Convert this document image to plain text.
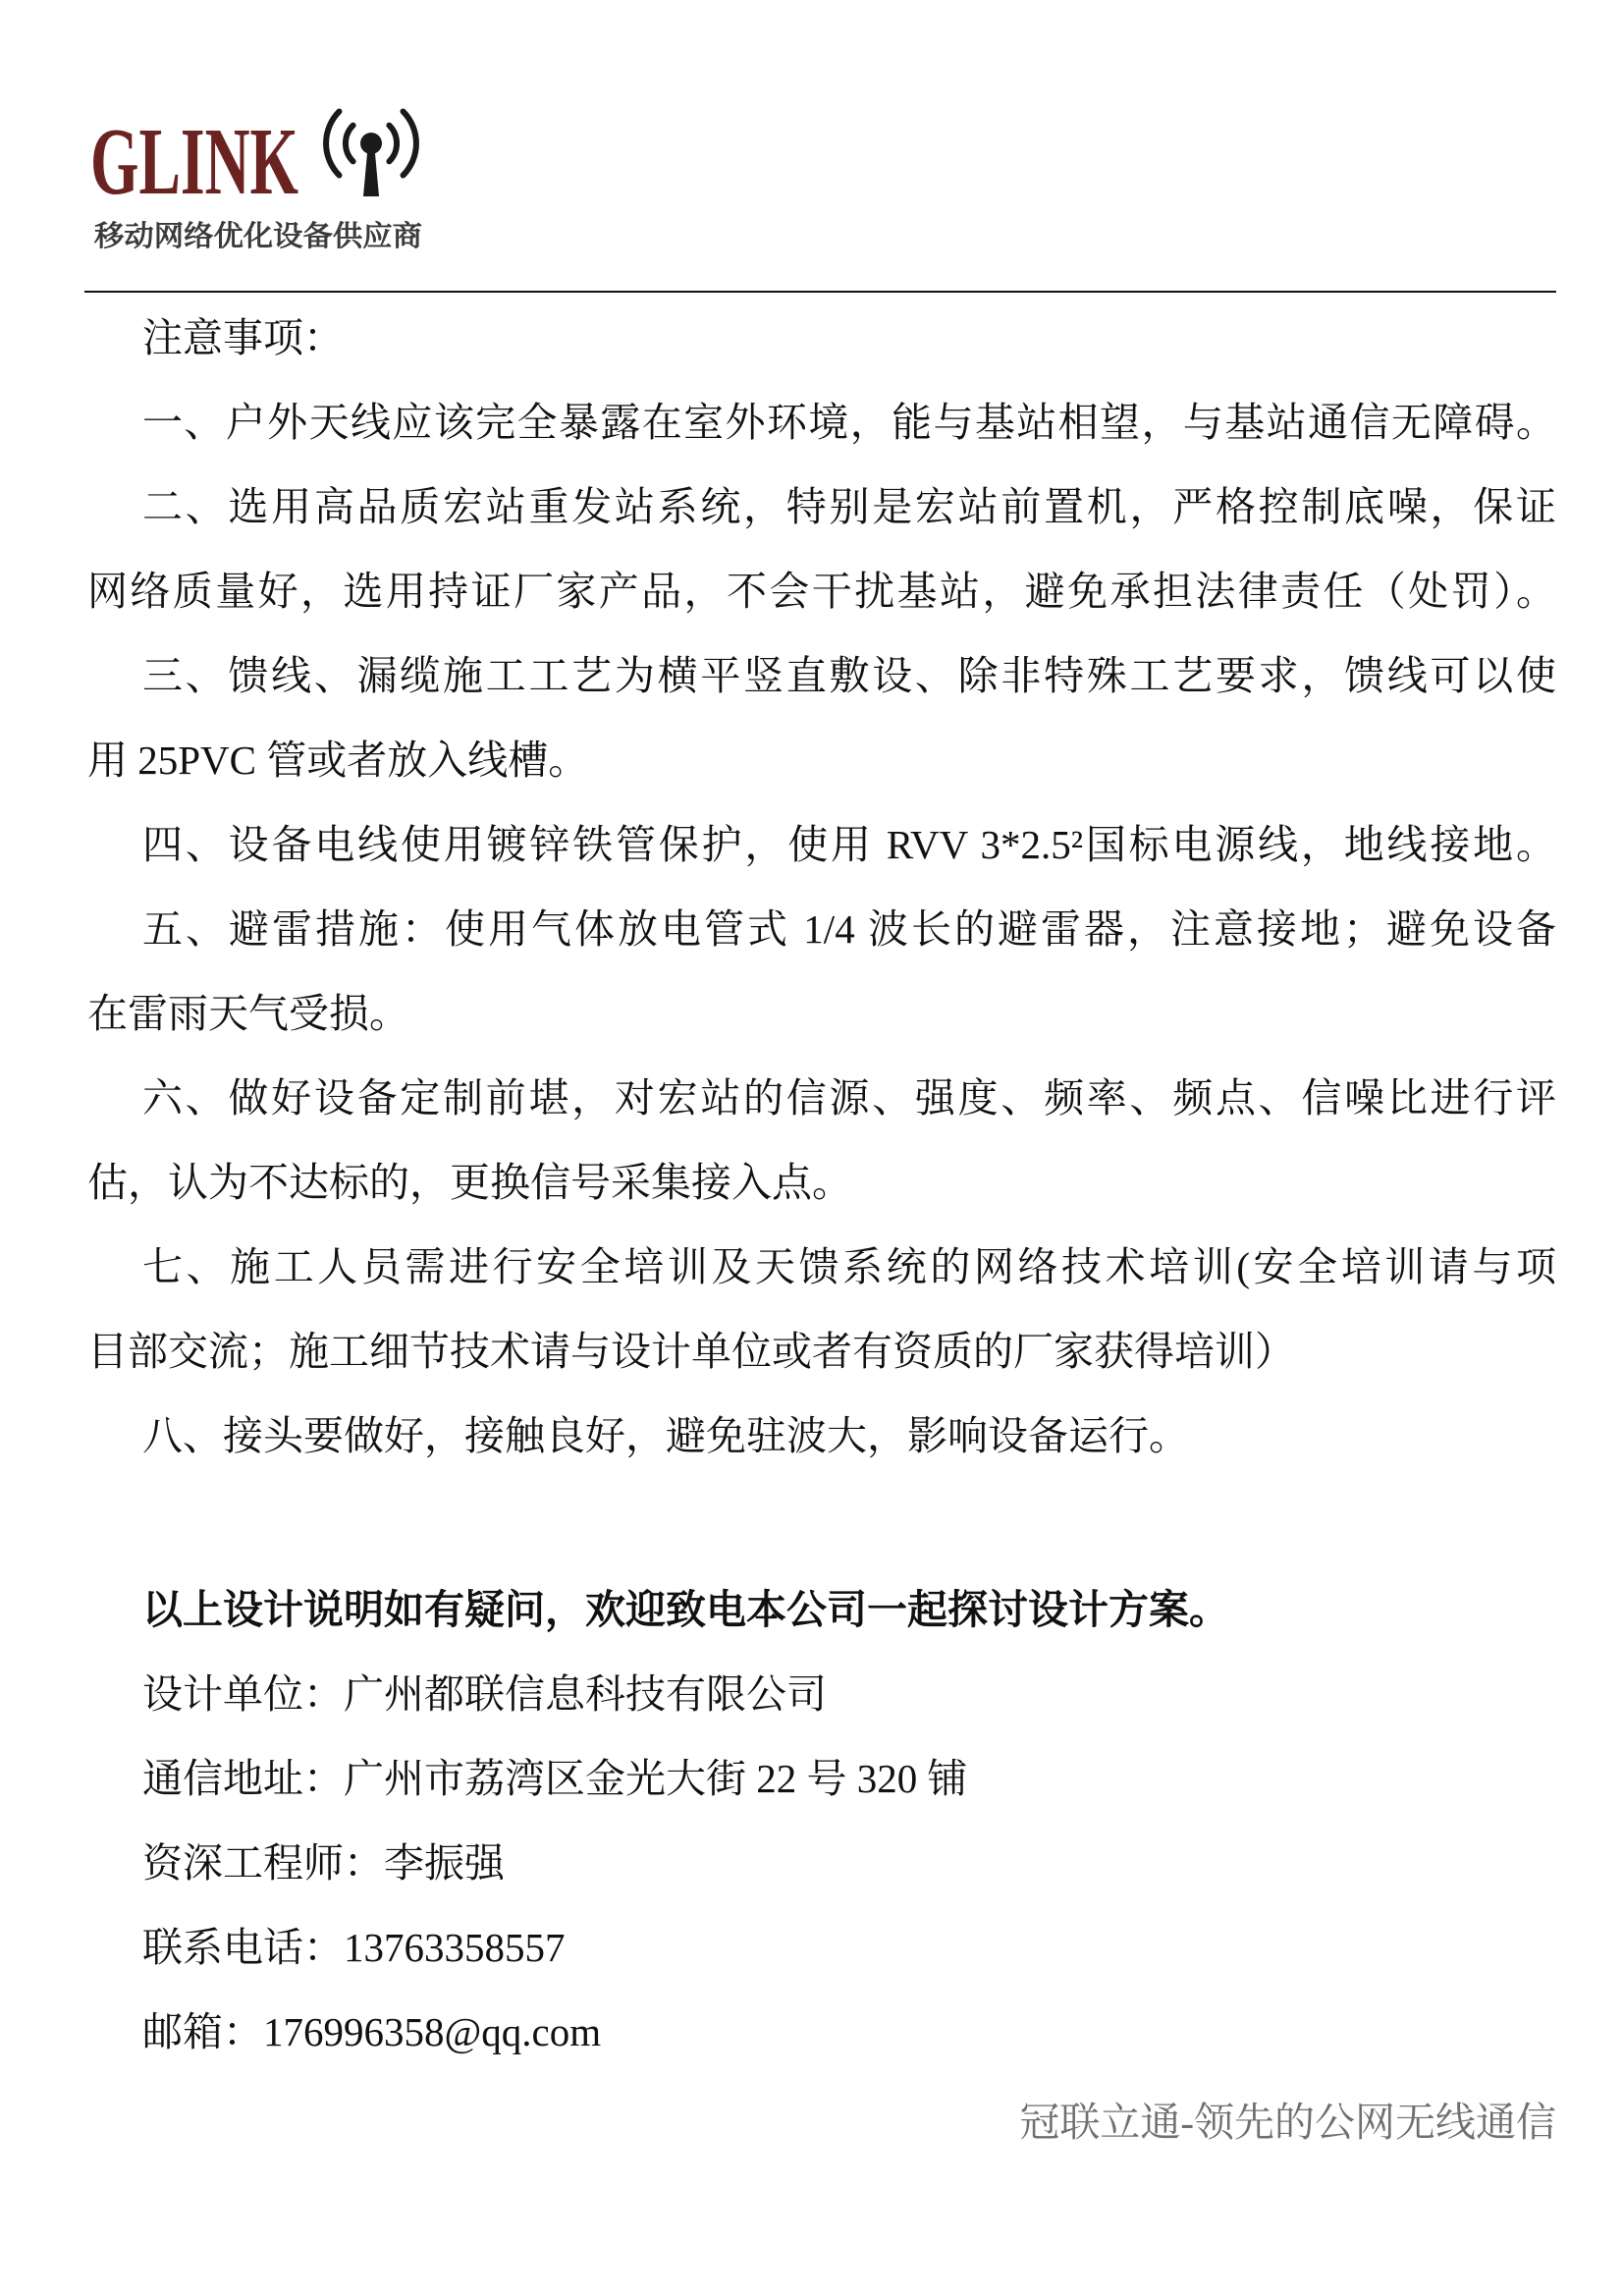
GLINK
移动网络优化设备供应商
注意事项：
一、户外天线应该完全暴露在室外环境，能与基站相望，与基站通信无障碍。
二、选用高品质宏站重发站系统，特别是宏站前置机，严格控制底噪，保证
网络质量好，选用持证厂家产品，不会干扰基站，避免承担法律责任（处罚）。
三、馈线、漏缆施工工艺为横平竖直敷设、除非特殊工艺要求，馈线可以使
用 25PVC 管或者放入线槽。
四、设备电线使用镀锌铁管保护，使用 RVV 3*2.5²国标电源线，地线接地。
五、避雷措施：使用气体放电管式 1/4 波长的避雷器，注意接地；避免设备
在雷雨天气受损。
六、做好设备定制前堪，对宏站的信源、强度、频率、频点、信噪比进行评
估，认为不达标的，更换信号采集接入点。
七、施工人员需进行安全培训及天馈系统的网络技术培训(安全培训请与项
目部交流；施工细节技术请与设计单位或者有资质的厂家获得培训）
八、接头要做好，接触良好，避免驻波大，影响设备运行。
以上设计说明如有疑问，欢迎致电本公司一起探讨设计方案。
设计单位：广州都联信息科技有限公司
通信地址：广州市荔湾区金光大街 22 号 320 铺
资深工程师：李振强
联系电话：13763358557
邮箱：176996358@qq.com
冠联立通-领先的公网无线通信
